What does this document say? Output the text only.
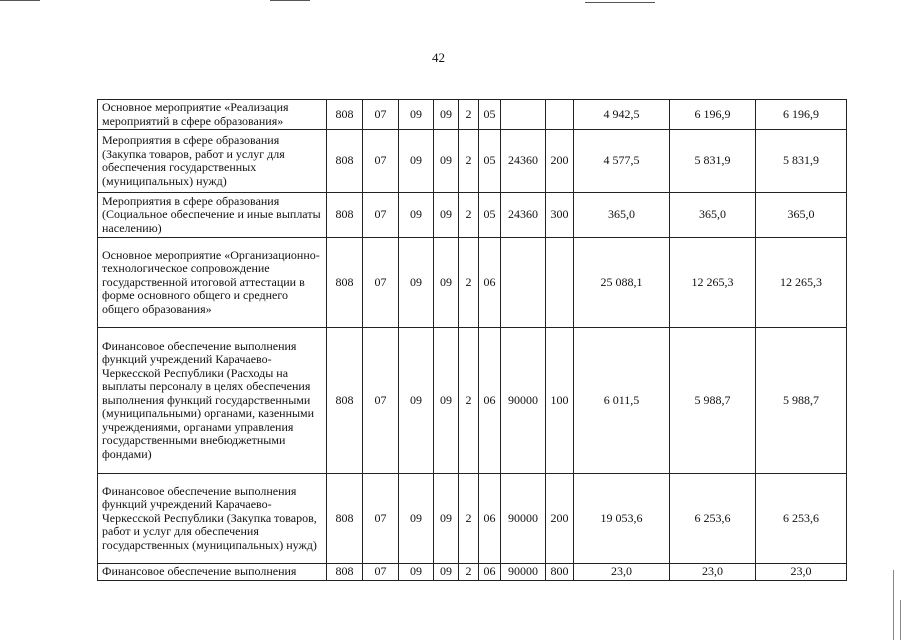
42
Основное мероприятие «Реализация мероприятий в сфере образования»	808	07	09	09	2	05			4 942,5	6 196,9	6 196,9
Мероприятия в сфере образования (Закупка товаров, работ и услуг для обеспечения государственных (муниципальных) нужд)	808	07	09	09	2	05	24360	200	4 577,5	5 831,9	5 831,9
Мероприятия в сфере образования (Социальное обеспечение и иные выплаты населению)	808	07	09	09	2	05	24360	300	365,0	365,0	365,0
Основное мероприятие «Организационно-технологическое сопровождение государственной итоговой аттестации в форме основного общего и среднего общего образования»	808	07	09	09	2	06			25 088,1	12 265,3	12 265,3
Финансовое обеспечение выполнения функций учреждений Карачаево-Черкесской Республики (Расходы на выплаты персоналу в целях обеспечения выполнения функций государственными (муниципальными) органами, казенными учреждениями, органами управления государственными внебюджетными фондами)	808	07	09	09	2	06	90000	100	6 011,5	5 988,7	5 988,7
Финансовое обеспечение выполнения функций учреждений Карачаево-Черкесской Республики (Закупка товаров, работ и услуг для обеспечения государственных (муниципальных) нужд)	808	07	09	09	2	06	90000	200	19 053,6	6 253,6	6 253,6
Финансовое обеспечение выполнения	808	07	09	09	2	06	90000	800	23,0	23,0	23,0
